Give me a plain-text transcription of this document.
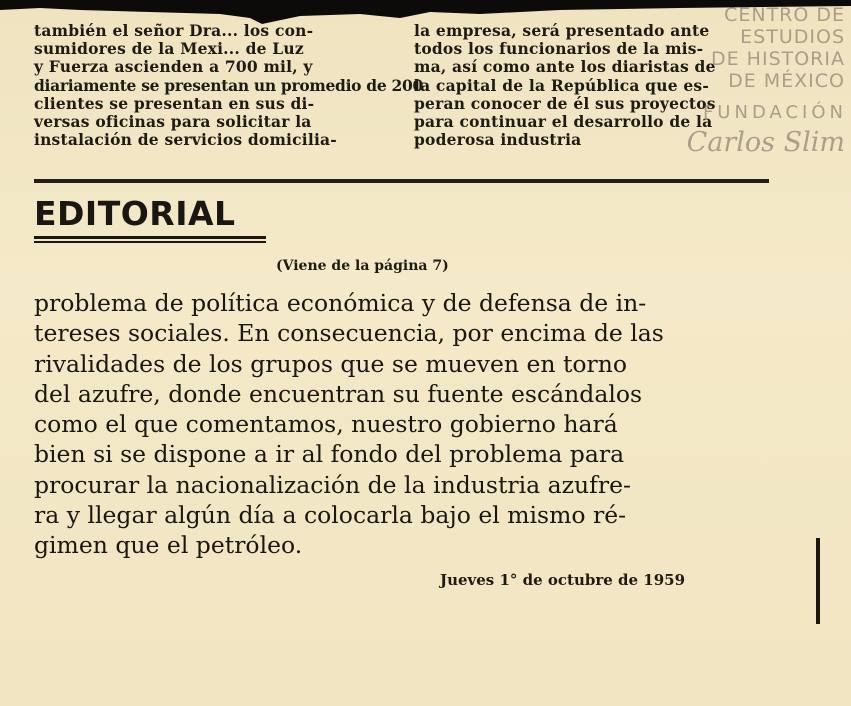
también el señor Dra... los con-

sumidores de la Mexi... de Luz

y Fuerza ascienden a 700 mil, y

diariamente se presentan un promedio de 200

clientes se presentan en sus di-

versas oficinas para solicitar la

instalación de servicios domicilia-

la empresa, será presentado ante

todos los funcionarios de la mis-

ma, así como ante los diaristas de

la capital de la República que es-

peran conocer de él sus proyectos

para continuar el desarrollo de la

poderosa industria

EDITORIAL
(Viene de la página 7)

problema de política económica y de defensa de in-

tereses sociales. En consecuencia, por encima de las

rivalidades de los grupos que se mueven en torno

del azufre, donde encuentran su fuente escándalos

como el que comentamos, nuestro gobierno hará

bien si se dispone a ir al fondo del problema para

procurar la nacionalización de la industria azufre-

ra y llegar algún día a colocarla bajo el mismo ré-

gimen que el petróleo.

Jueves 1° de octubre de 1959
CENTRO DE
ESTUDIOS
DE HISTORIA
DE MÉXICO
FUNDACIÓN
Carlos Slim
